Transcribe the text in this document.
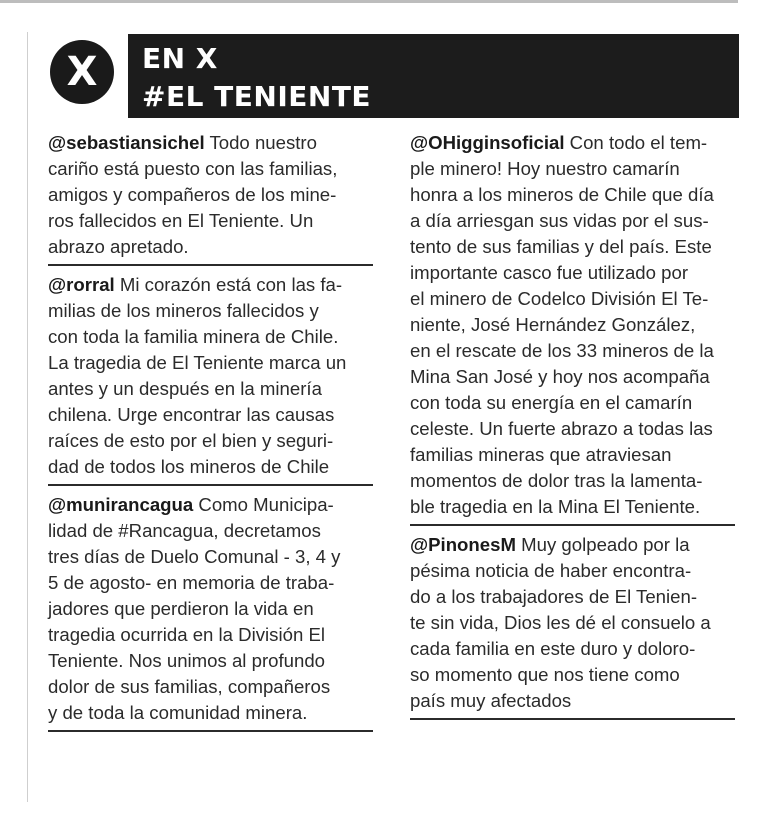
X EN X
#EL TENIENTE
@sebastiansichel Todo nuestro
cariño está puesto con las familias,
amigos y compañeros de los mine-
ros fallecidos en El Teniente. Un
abrazo apretado.
@rorral Mi corazón está con las fa-
milias de los mineros fallecidos y
con toda la familia minera de Chile.
La tragedia de El Teniente marca un
antes y un después en la minería
chilena. Urge encontrar las causas
raíces de esto por el bien y seguri-
dad de todos los mineros de Chile
@munirancagua Como Municipa-
lidad de #Rancagua, decretamos
tres días de Duelo Comunal - 3, 4 y
5 de agosto- en memoria de traba-
jadores que perdieron la vida en
tragedia ocurrida en la División El
Teniente. Nos unimos al profundo
dolor de sus familias, compañeros
y de toda la comunidad minera.
@OHigginsoficial Con todo el tem-
ple minero! Hoy nuestro camarín
honra a los mineros de Chile que día
a día arriesgan sus vidas por el sus-
tento de sus familias y del país. Este
importante casco fue utilizado por
el minero de Codelco División El Te-
niente, José Hernández González,
en el rescate de los 33 mineros de la
Mina San José y hoy nos acompaña
con toda su energía en el camarín
celeste. Un fuerte abrazo a todas las
familias mineras que atraviesan
momentos de dolor tras la lamenta-
ble tragedia en la Mina El Teniente.
@PinonesM Muy golpeado por la
pésima noticia de haber encontra-
do a los trabajadores de El Tenien-
te sin vida, Dios les dé el consuelo a
cada familia en este duro y doloro-
so momento que nos tiene como
país muy afectados
